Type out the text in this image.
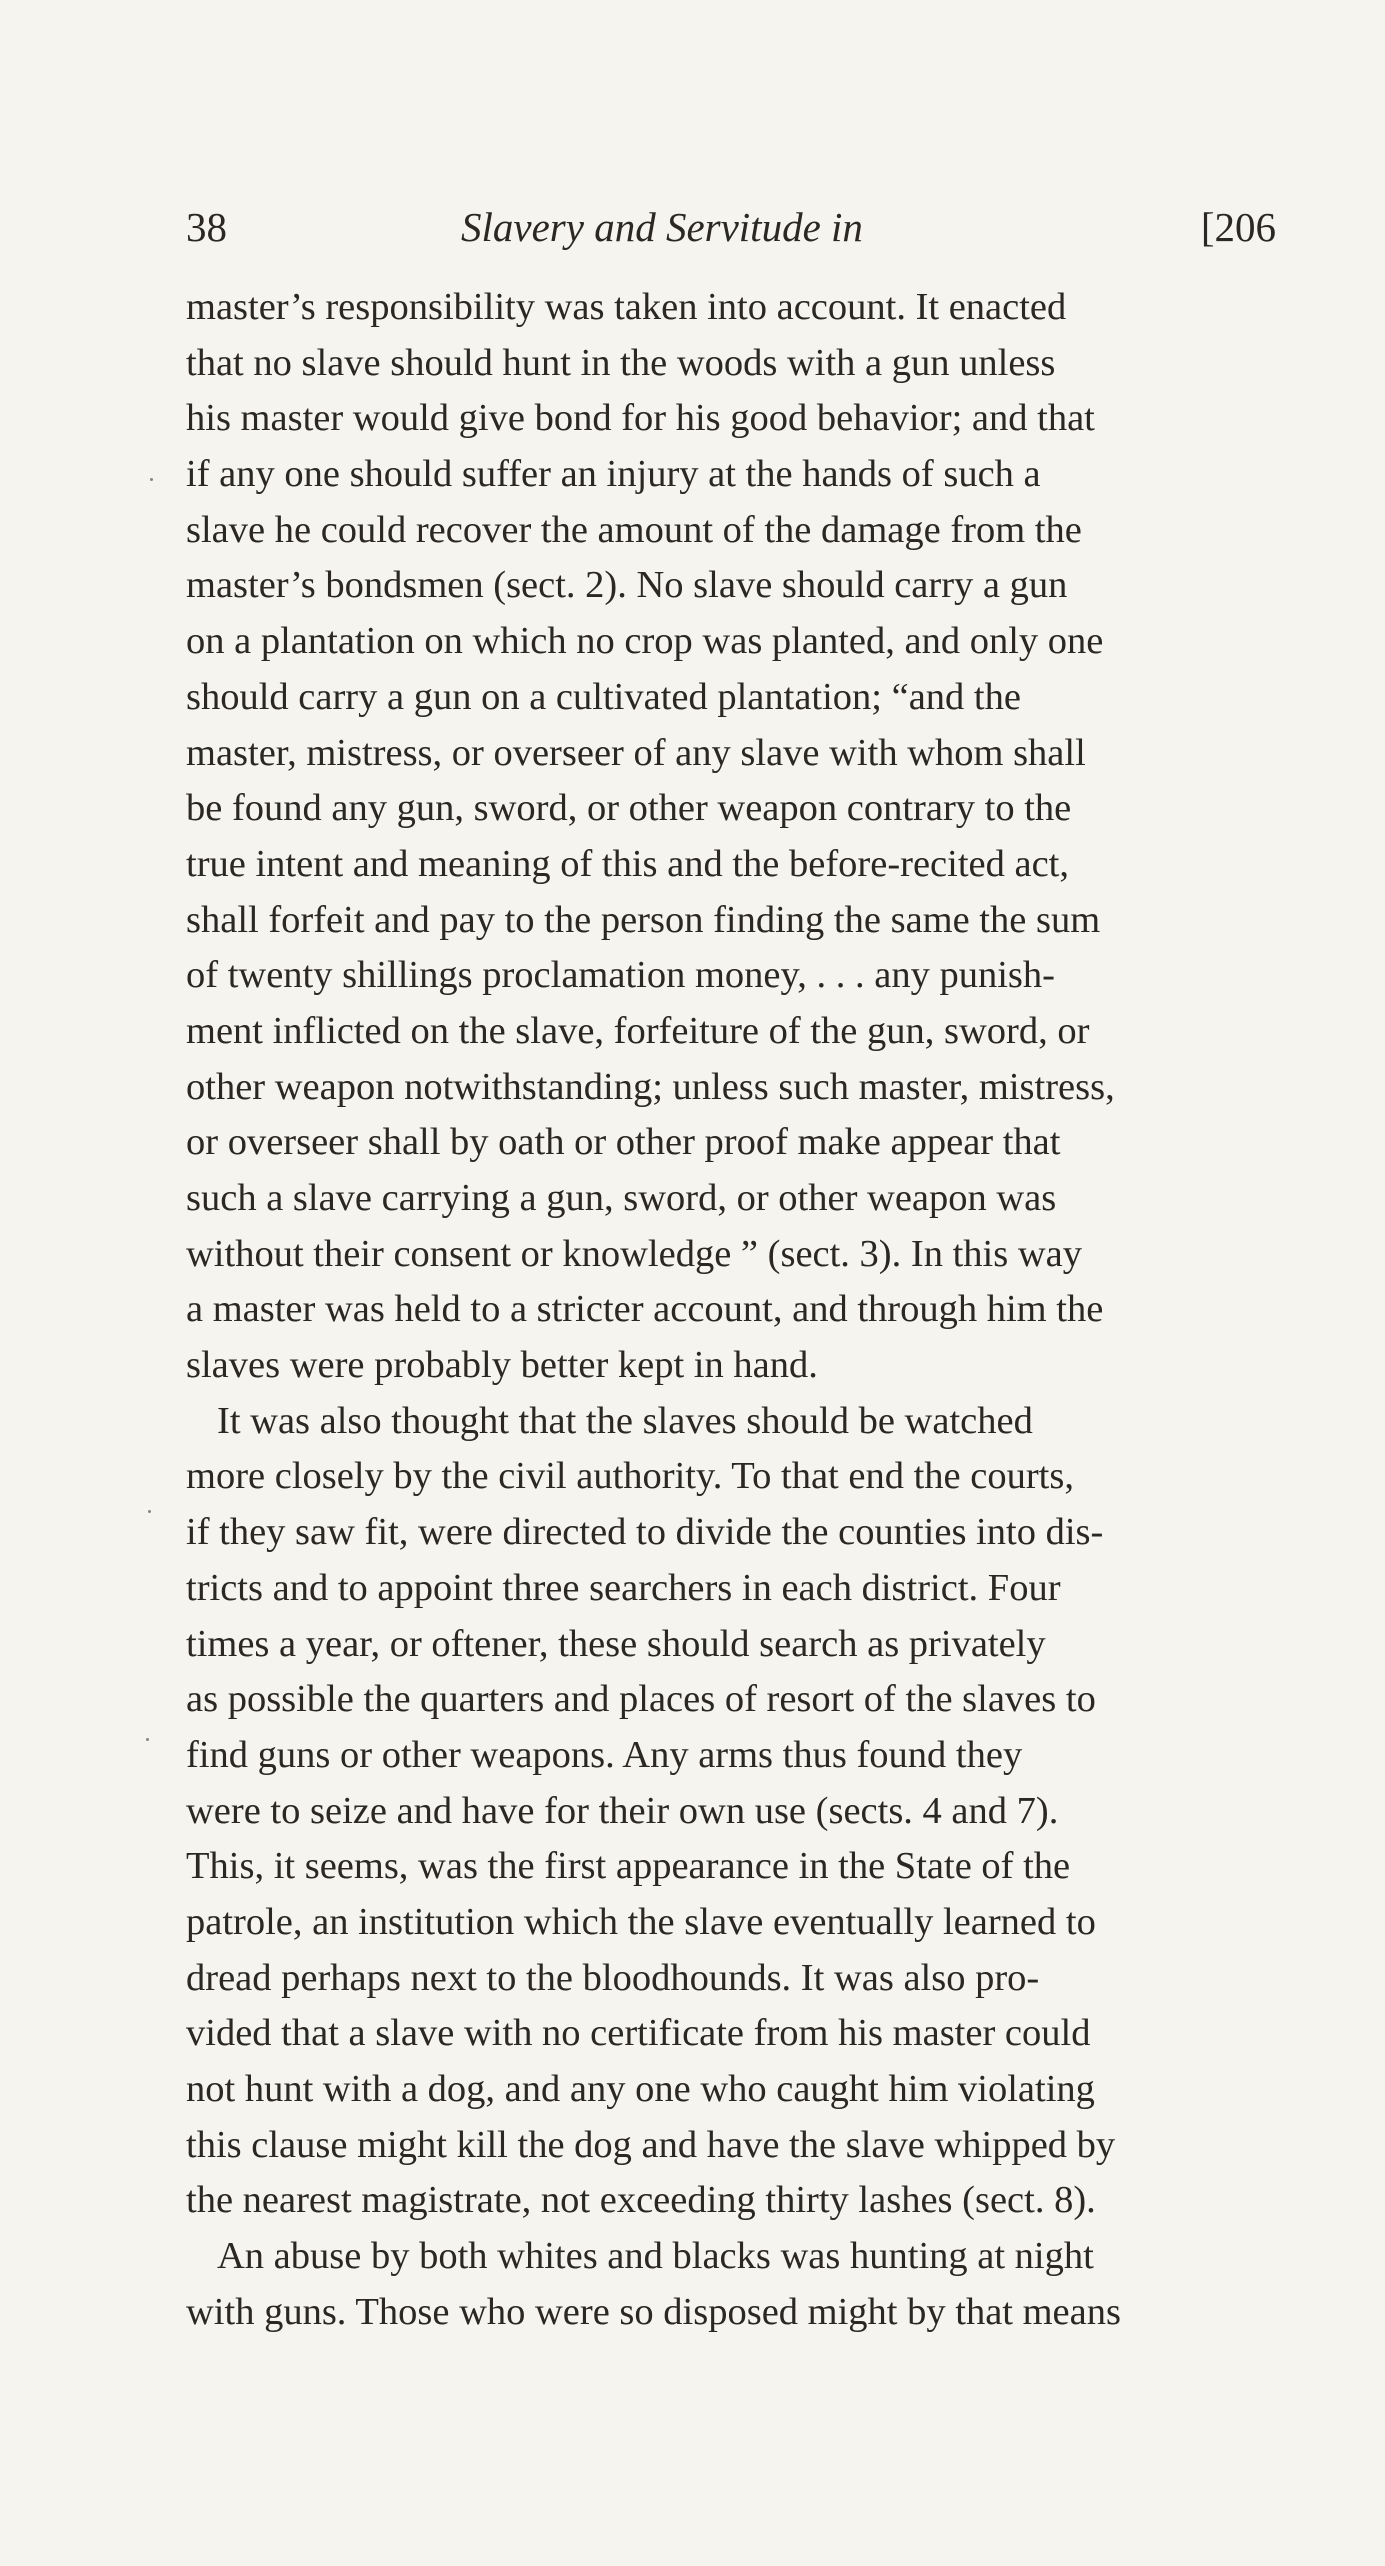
38	Slavery and Servitude in	[206
master’s responsibility was taken into account. It enacted
that no slave should hunt in the woods with a gun unless
his master would give bond for his good behavior; and that
if any one should suffer an injury at the hands of such a
slave he could recover the amount of the damage from the
master’s bondsmen (sect. 2). No slave should carry a gun
on a plantation on which no crop was planted, and only one
should carry a gun on a cultivated plantation; “and the
master, mistress, or overseer of any slave with whom shall
be found any gun, sword, or other weapon contrary to the
true intent and meaning of this and the before-recited act,
shall forfeit and pay to the person finding the same the sum
of twenty shillings proclamation money, . . . any punish-
ment inflicted on the slave, forfeiture of the gun, sword, or
other weapon notwithstanding; unless such master, mistress,
or overseer shall by oath or other proof make appear that
such a slave carrying a gun, sword, or other weapon was
without their consent or knowledge ” (sect. 3). In this way
a master was held to a stricter account, and through him the
slaves were probably better kept in hand.
It was also thought that the slaves should be watched
more closely by the civil authority. To that end the courts,
if they saw fit, were directed to divide the counties into dis-
tricts and to appoint three searchers in each district. Four
times a year, or oftener, these should search as privately
as possible the quarters and places of resort of the slaves to
find guns or other weapons. Any arms thus found they
were to seize and have for their own use (sects. 4 and 7).
This, it seems, was the first appearance in the State of the
patrole, an institution which the slave eventually learned to
dread perhaps next to the bloodhounds. It was also pro-
vided that a slave with no certificate from his master could
not hunt with a dog, and any one who caught him violating
this clause might kill the dog and have the slave whipped by
the nearest magistrate, not exceeding thirty lashes (sect. 8).
An abuse by both whites and blacks was hunting at night
with guns. Those who were so disposed might by that means
